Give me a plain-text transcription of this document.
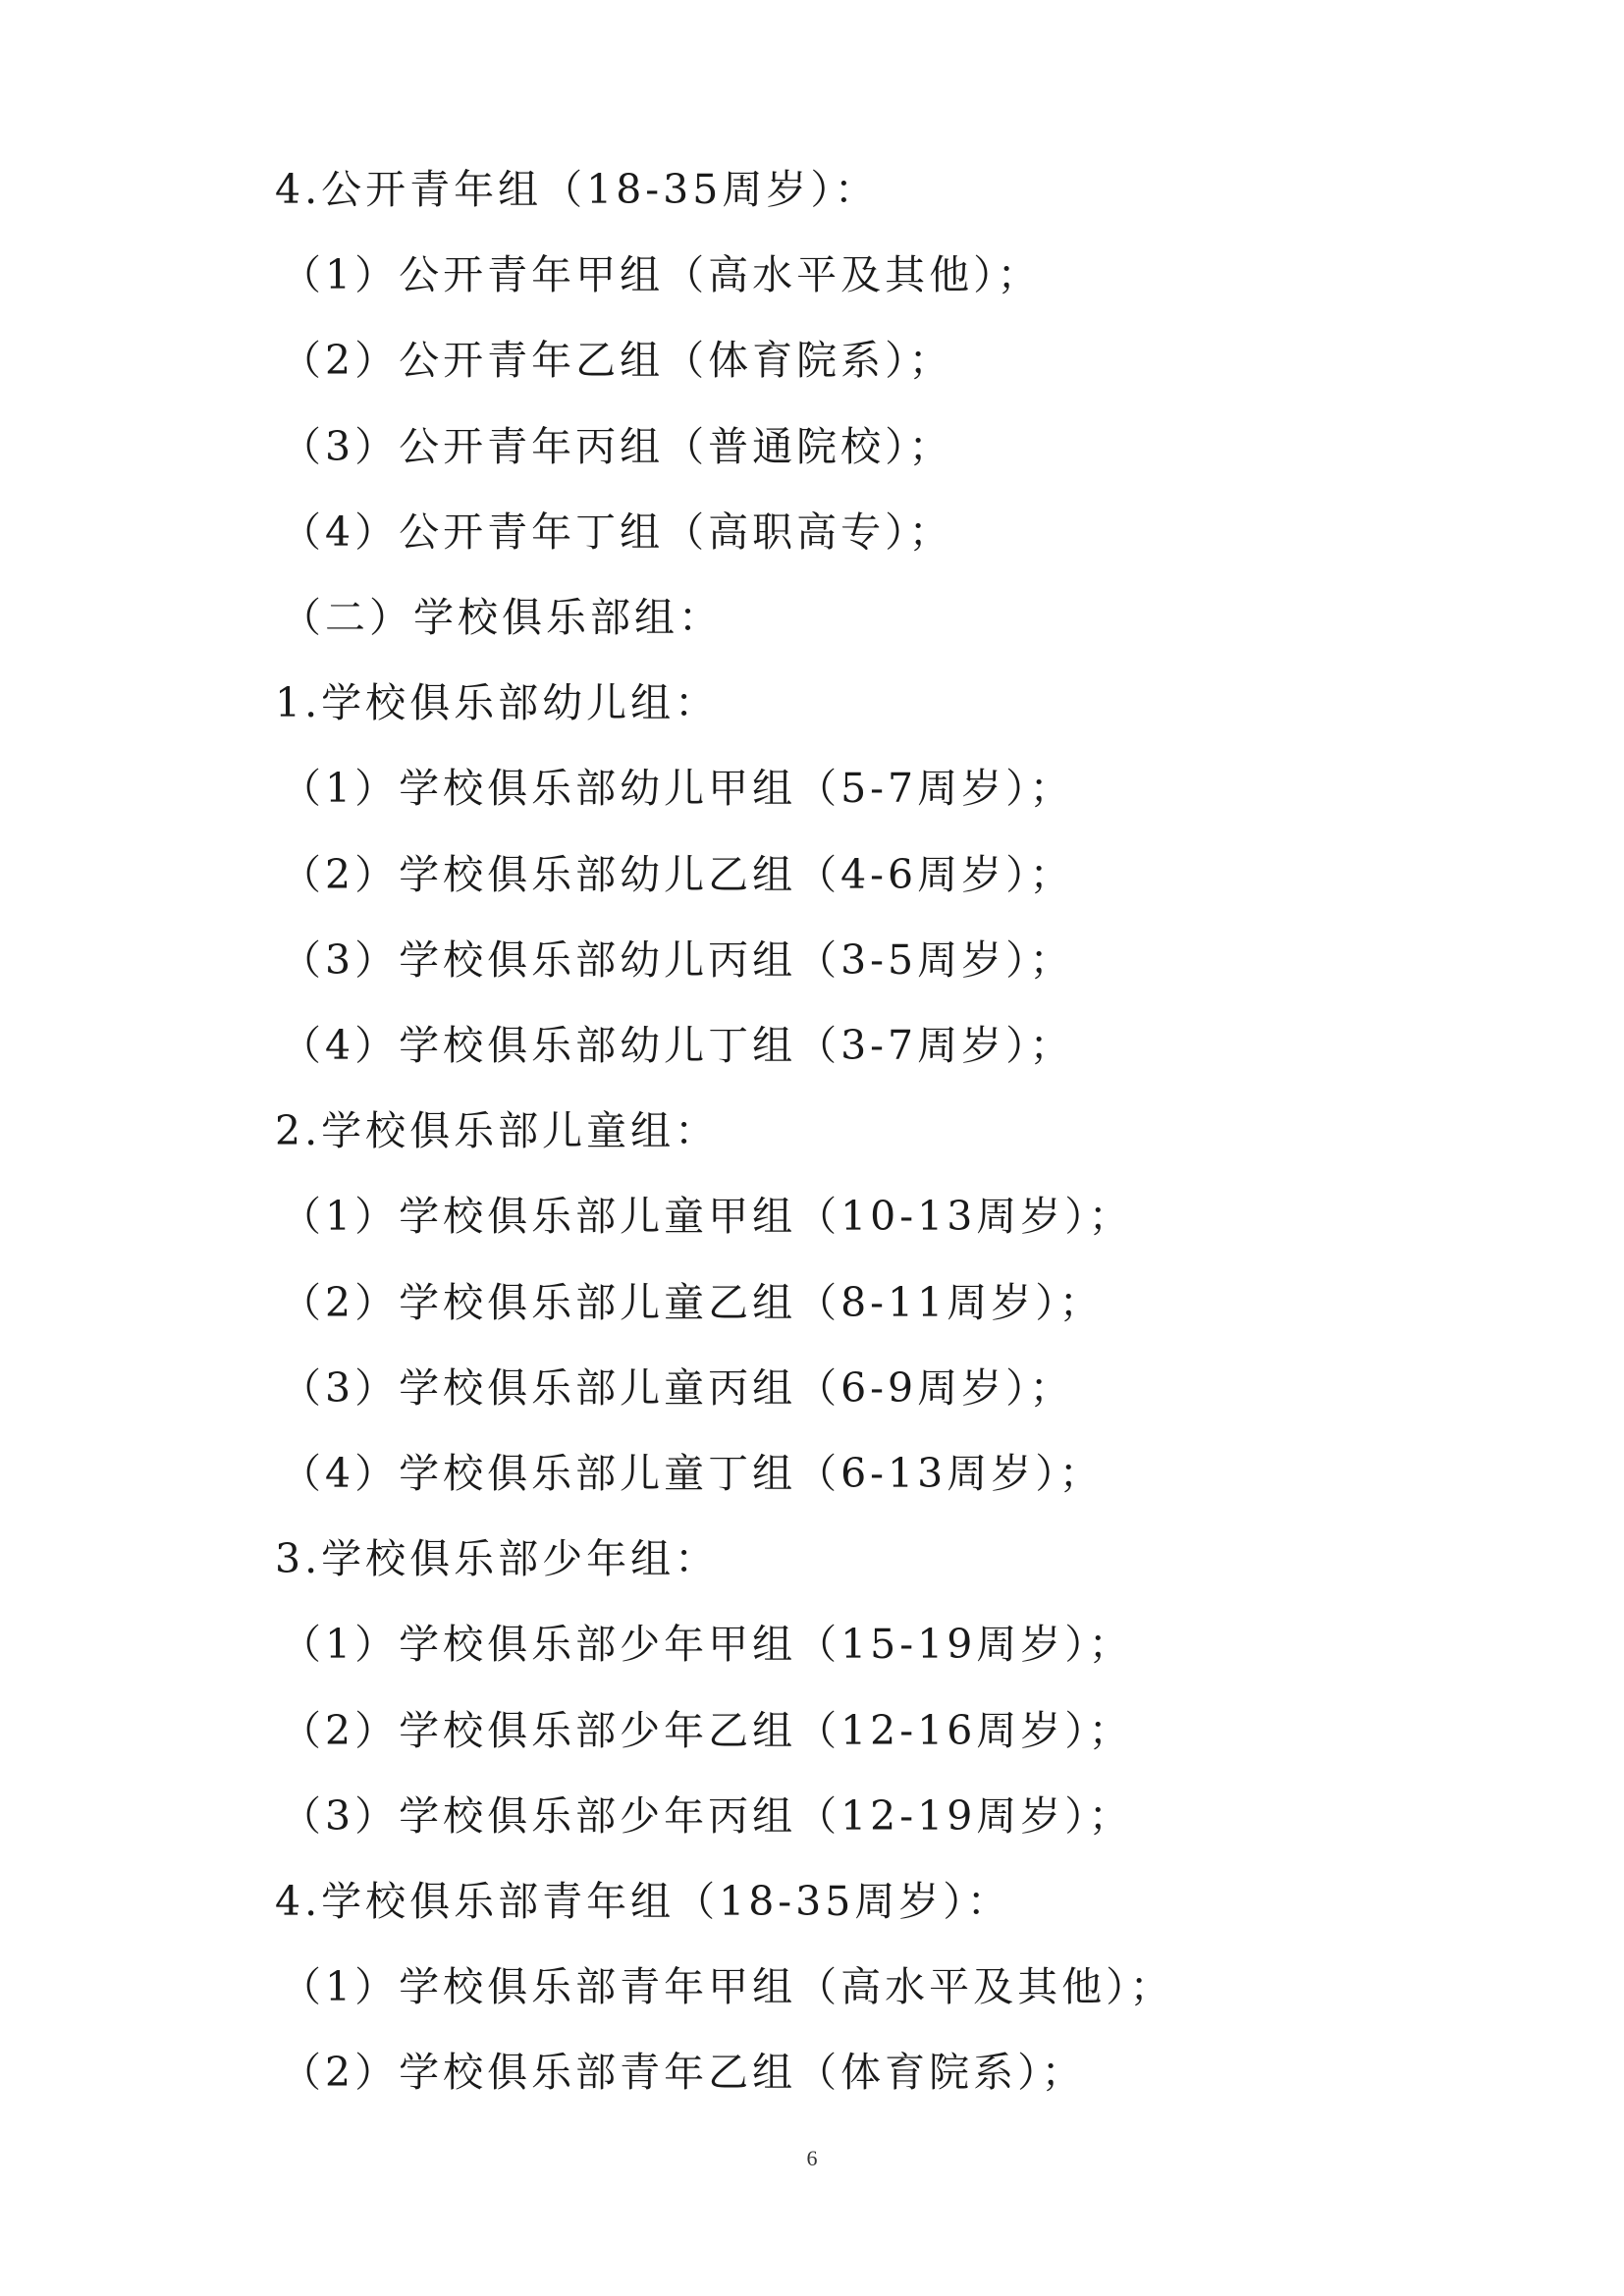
4.公开青年组（18-35周岁）：
（1）公开青年甲组（高水平及其他）；
（2）公开青年乙组（体育院系）；
（3）公开青年丙组（普通院校）；
（4）公开青年丁组（高职高专）；
（二）学校俱乐部组：
1.学校俱乐部幼儿组：
（1）学校俱乐部幼儿甲组（5-7周岁）；
（2）学校俱乐部幼儿乙组（4-6周岁）；
（3）学校俱乐部幼儿丙组（3-5周岁）；
（4）学校俱乐部幼儿丁组（3-7周岁）；
2.学校俱乐部儿童组：
（1）学校俱乐部儿童甲组（10-13周岁）；
（2）学校俱乐部儿童乙组（8-11周岁）；
（3）学校俱乐部儿童丙组（6-9周岁）；
（4）学校俱乐部儿童丁组（6-13周岁）；
3.学校俱乐部少年组：
（1）学校俱乐部少年甲组（15-19周岁）；
（2）学校俱乐部少年乙组（12-16周岁）；
（3）学校俱乐部少年丙组（12-19周岁）；
4.学校俱乐部青年组（18-35周岁）：
（1）学校俱乐部青年甲组（高水平及其他）；
（2）学校俱乐部青年乙组（体育院系）；
6
